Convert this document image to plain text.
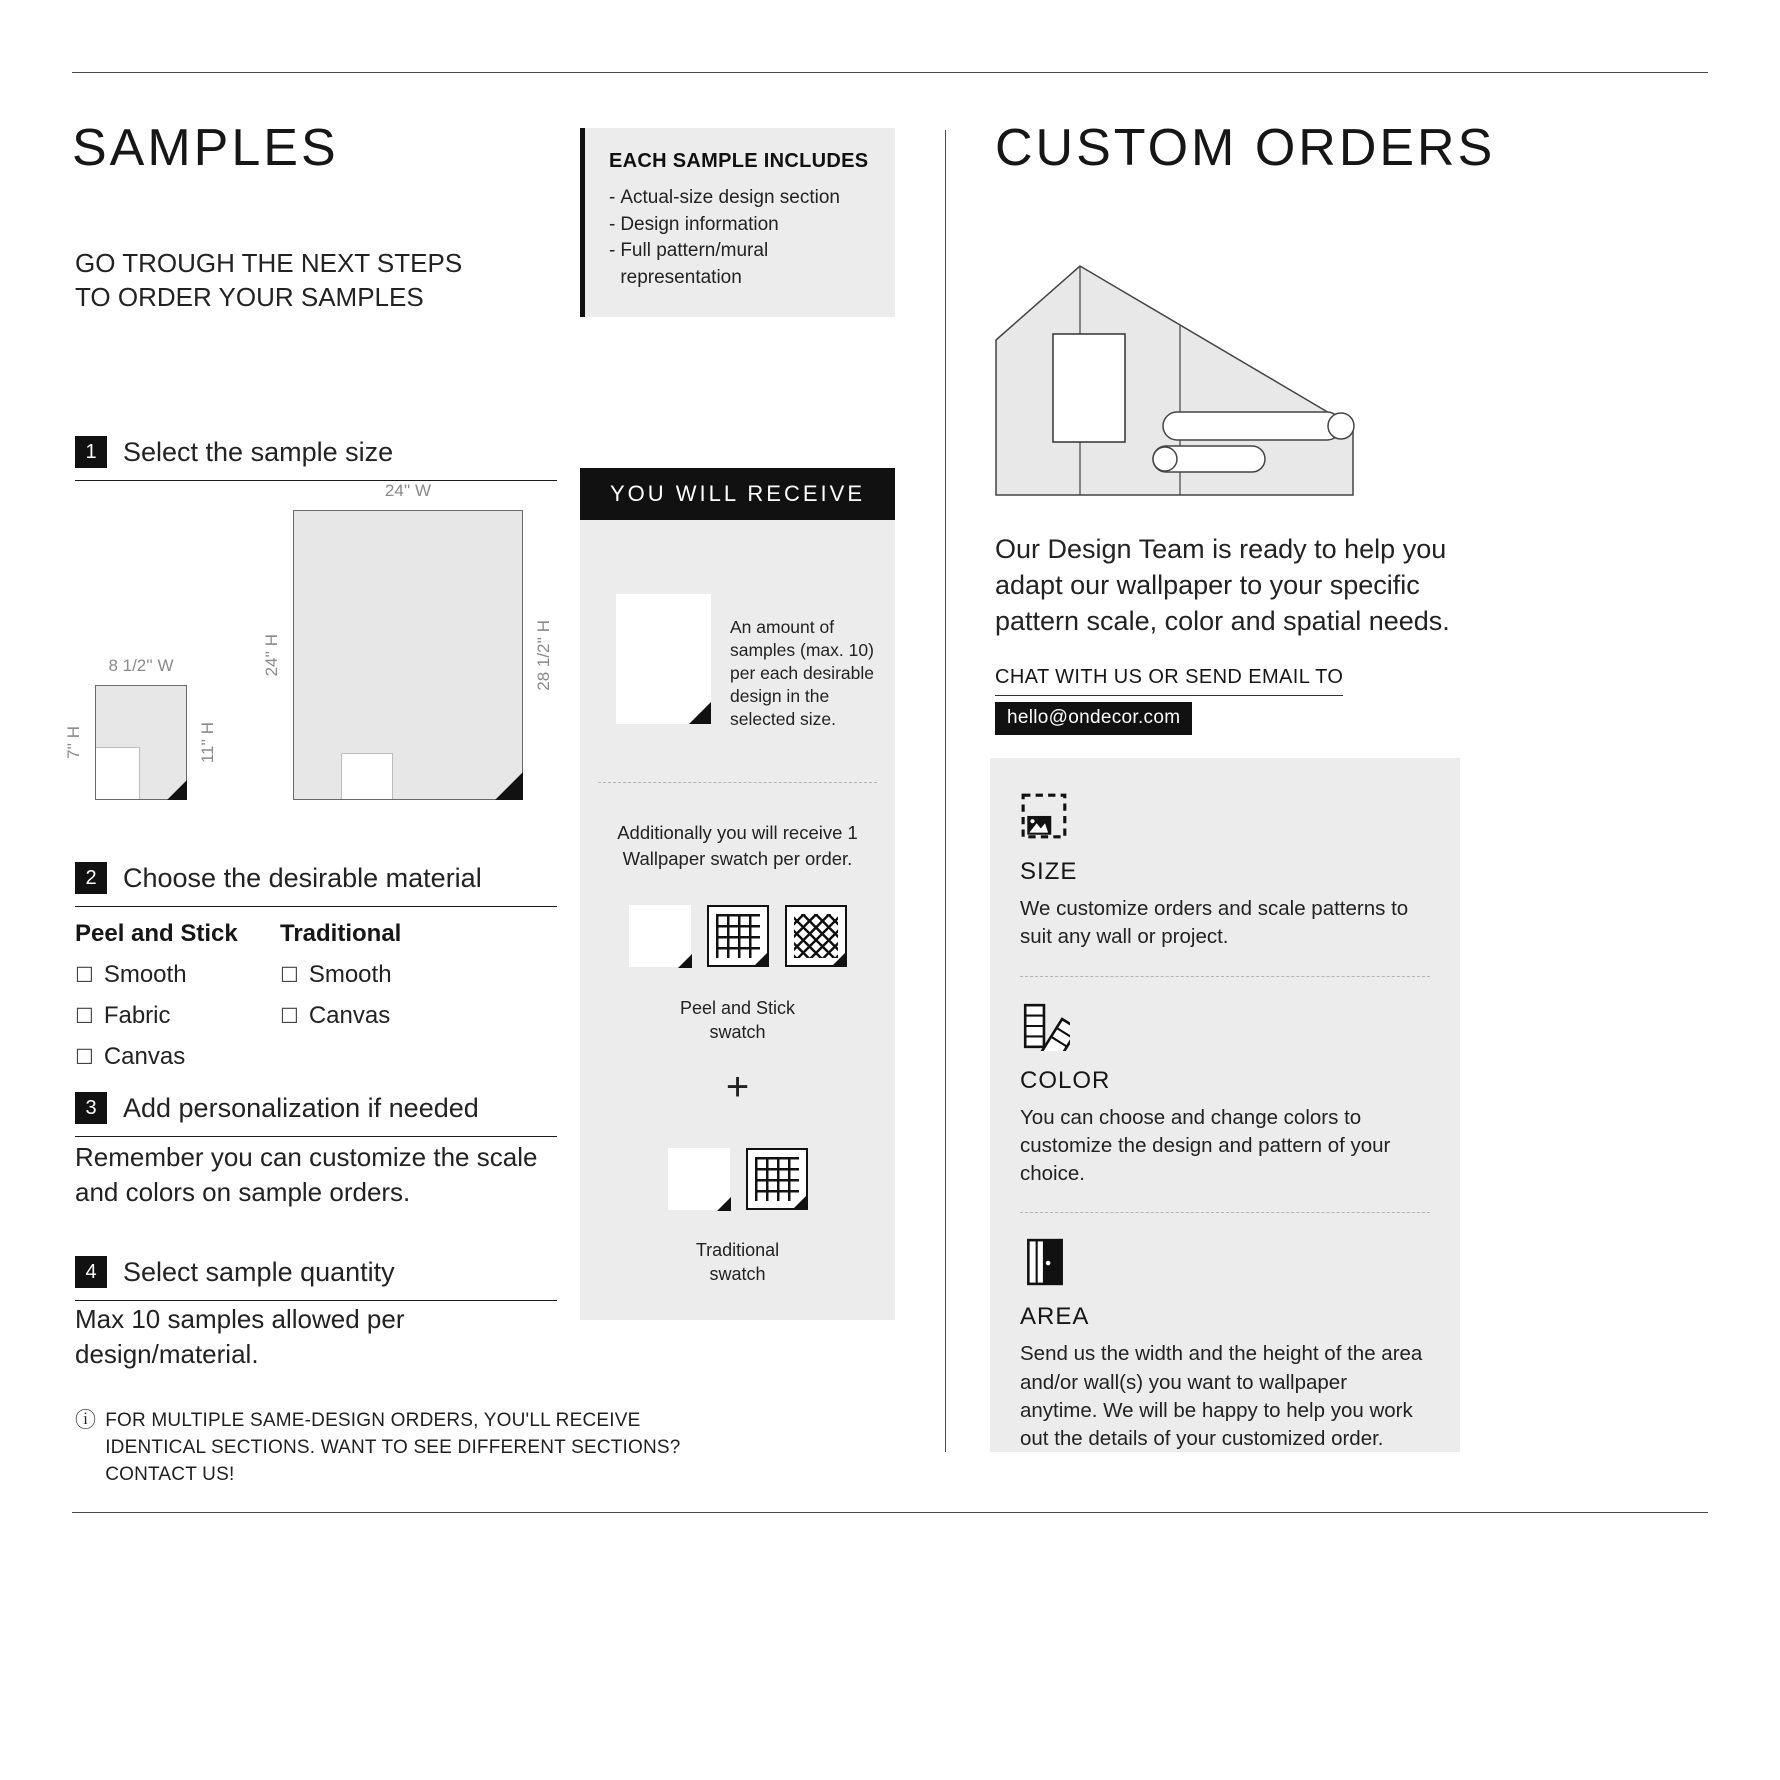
SAMPLES

GO TROUGH THE NEXT STEPS TO ORDER YOUR SAMPLES

1 Select the sample size
24'' W
24'' H	28 1/2'' H
8 1/2'' W
7'' H	11'' H
2 Choose the desirable material
Peel and Stick
☐ Smooth
☐ Fabric
☐ Canvas
Traditional
☐ Smooth
☐ Canvas
3 Add personalization if needed

Remember you can customize the scale and colors on sample orders.

4 Select sample quantity

Max 10 samples allowed per design/material.

ⓘ FOR MULTIPLE SAME-DESIGN ORDERS, YOU'LL RECEIVE IDENTICAL SECTIONS. WANT TO SEE DIFFERENT SECTIONS? CONTACT US!
EACH SAMPLE INCLUDES
- Actual-size design section
- Design information
- Full pattern/mural representation
YOU WILL RECEIVE

An amount of samples (max. 10) per each desirable design in the selected size.

Additionally you will receive 1 Wallpaper swatch per order.

Peel and Stick swatch
+
Traditional swatch
CUSTOM ORDERS

Our Design Team is ready to help you adapt our wallpaper to your specific pattern scale, color and spatial needs.

CHAT WITH US OR SEND EMAIL TO
hello@ondecor.com
SIZE

We customize orders and scale patterns to suit any wall or project.

COLOR

You can choose and change colors to customize the design and pattern of your choice.

AREA

Send us the width and the height of the area and/or wall(s) you want to wallpaper anytime. We will be happy to help you work out the details of your customized order.
